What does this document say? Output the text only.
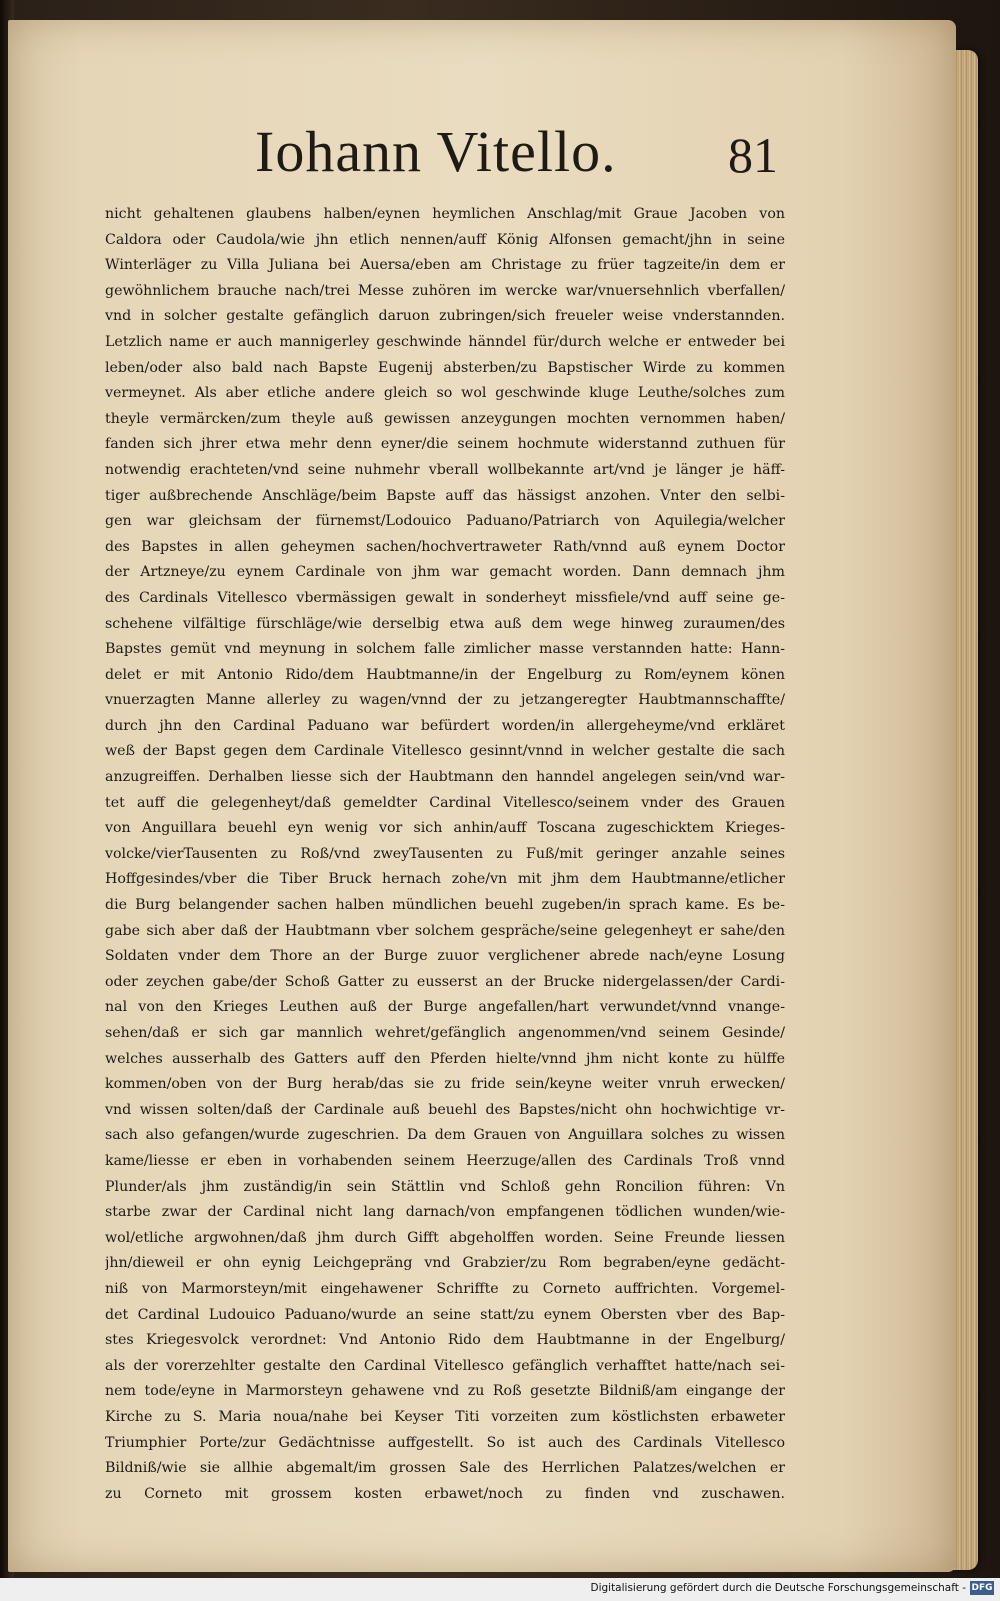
Iohann Vitello. 81
nicht gehaltenen glaubens halben/eynen heymlichen Anschlag/mit Graue Jacoben von
Caldora oder Caudola/wie jhn etlich nennen/auff König Alfonsen gemacht/jhn in seine
Winterläger zu Villa Juliana bei Auersa/eben am Christage zu früer tagzeite/in dem er
gewöhnlichem brauche nach/trei Messe zuhören im wercke war/vnuersehnlich vberfallen/
vnd in solcher gestalte gefänglich daruon zubringen/sich freueler weise vnderstannden.
Letzlich name er auch mannigerley geschwinde hänndel für/durch welche er entweder bei
leben/oder also bald nach Bapste Eugenij absterben/zu Bapstischer Wirde zu kommen
vermeynet. Als aber etliche andere gleich so wol geschwinde kluge Leuthe/solches zum
theyle vermärcken/zum theyle auß gewissen anzeygungen mochten vernommen haben/
fanden sich jhrer etwa mehr denn eyner/die seinem hochmute widerstannd zuthuen für
notwendig erachteten/vnd seine nuhmehr vberall wollbekannte art/vnd je länger je häff-
tiger außbrechende Anschläge/beim Bapste auff das hässigst anzohen. Vnter den selbi-
gen war gleichsam der fürnemst/Lodouico Paduano/Patriarch von Aquilegia/welcher
des Bapstes in allen geheymen sachen/hochvertraweter Rath/vnnd auß eynem Doctor
der Artzneye/zu eynem Cardinale von jhm war gemacht worden. Dann demnach jhm
des Cardinals Vitellesco vbermässigen gewalt in sonderheyt missfiele/vnd auff seine ge-
schehene vilfältige fürschläge/wie derselbig etwa auß dem wege hinweg zuraumen/des
Bapstes gemüt vnd meynung in solchem falle zimlicher masse verstannden hatte: Hann-
delet er mit Antonio Rido/dem Haubtmanne/in der Engelburg zu Rom/eynem könen
vnuerzagten Manne allerley zu wagen/vnnd der zu jetzangeregter Haubtmannschaffte/
durch jhn den Cardinal Paduano war befürdert worden/in allergeheyme/vnd erkläret
weß der Bapst gegen dem Cardinale Vitellesco gesinnt/vnnd in welcher gestalte die sach
anzugreiffen. Derhalben liesse sich der Haubtmann den hanndel angelegen sein/vnd war-
tet auff die gelegenheyt/daß gemeldter Cardinal Vitellesco/seinem vnder des Grauen
von Anguillara beuehl eyn wenig vor sich anhin/auff Toscana zugeschicktem Krieges-
volcke/vierTausenten zu Roß/vnd zweyTausenten zu Fuß/mit geringer anzahle seines
Hoffgesindes/vber die Tiber Bruck hernach zohe/vn mit jhm dem Haubtmanne/etlicher
die Burg belangender sachen halben mündlichen beuehl zugeben/in sprach kame. Es be-
gabe sich aber daß der Haubtmann vber solchem gespräche/seine gelegenheyt er sahe/den
Soldaten vnder dem Thore an der Burge zuuor verglichener abrede nach/eyne Losung
oder zeychen gabe/der Schoß Gatter zu eusserst an der Brucke nidergelassen/der Cardi-
nal von den Krieges Leuthen auß der Burge angefallen/hart verwundet/vnnd vnange-
sehen/daß er sich gar mannlich wehret/gefänglich angenommen/vnd seinem Gesinde/
welches ausserhalb des Gatters auff den Pferden hielte/vnnd jhm nicht konte zu hülffe
kommen/oben von der Burg herab/das sie zu fride sein/keyne weiter vnruh erwecken/
vnd wissen solten/daß der Cardinale auß beuehl des Bapstes/nicht ohn hochwichtige vr-
sach also gefangen/wurde zugeschrien. Da dem Grauen von Anguillara solches zu wissen
kame/liesse er eben in vorhabenden seinem Heerzuge/allen des Cardinals Troß vnnd
Plunder/als jhm zuständig/in sein Stättlin vnd Schloß gehn Roncilion führen: Vn
starbe zwar der Cardinal nicht lang darnach/von empfangenen tödlichen wunden/wie-
wol/etliche argwohnen/daß jhm durch Gifft abgeholffen worden. Seine Freunde liessen
jhn/dieweil er ohn eynig Leichgepräng vnd Grabzier/zu Rom begraben/eyne gedächt-
niß von Marmorsteyn/mit eingehawener Schriffte zu Corneto auffrichten. Vorgemel-
det Cardinal Ludouico Paduano/wurde an seine statt/zu eynem Obersten vber des Bap-
stes Kriegesvolck verordnet: Vnd Antonio Rido dem Haubtmanne in der Engelburg/
als der vorerzehlter gestalte den Cardinal Vitellesco gefänglich verhafftet hatte/nach sei-
nem tode/eyne in Marmorsteyn gehawene vnd zu Roß gesetzte Bildniß/am eingange der
Kirche zu S. Maria noua/nahe bei Keyser Titi vorzeiten zum köstlichsten erbaweter
Triumphier Porte/zur Gedächtnisse auffgestellt. So ist auch des Cardinals Vitellesco
Bildniß/wie sie allhie abgemalt/im grossen Sale des Herrlichen Palatzes/welchen er
zu Corneto mit grossem kosten erbawet/noch zu finden vnd zuschawen.
Digitalisierung gefördert durch die Deutsche Forschungsgemeinschaft - DFG
